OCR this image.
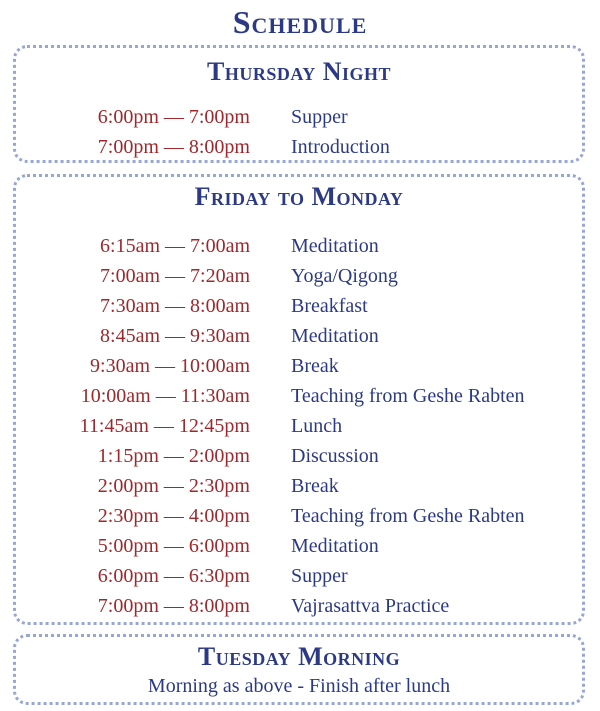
Schedule
Thursday Night
6:00pm — 7:00pm Supper
7:00pm — 8:00pm Introduction
Friday to Monday
6:15am — 7:00am Meditation
7:00am — 7:20am Yoga/Qigong
7:30am — 8:00am Breakfast
8:45am — 9:30am Meditation
9:30am — 10:00am Break
10:00am — 11:30am Teaching from Geshe Rabten
11:45am — 12:45pm Lunch
1:15pm — 2:00pm Discussion
2:00pm — 2:30pm Break
2:30pm — 4:00pm Teaching from Geshe Rabten
5:00pm — 6:00pm Meditation
6:00pm — 6:30pm Supper
7:00pm — 8:00pm Vajrasattva Practice
Tuesday Morning
Morning as above - Finish after lunch
